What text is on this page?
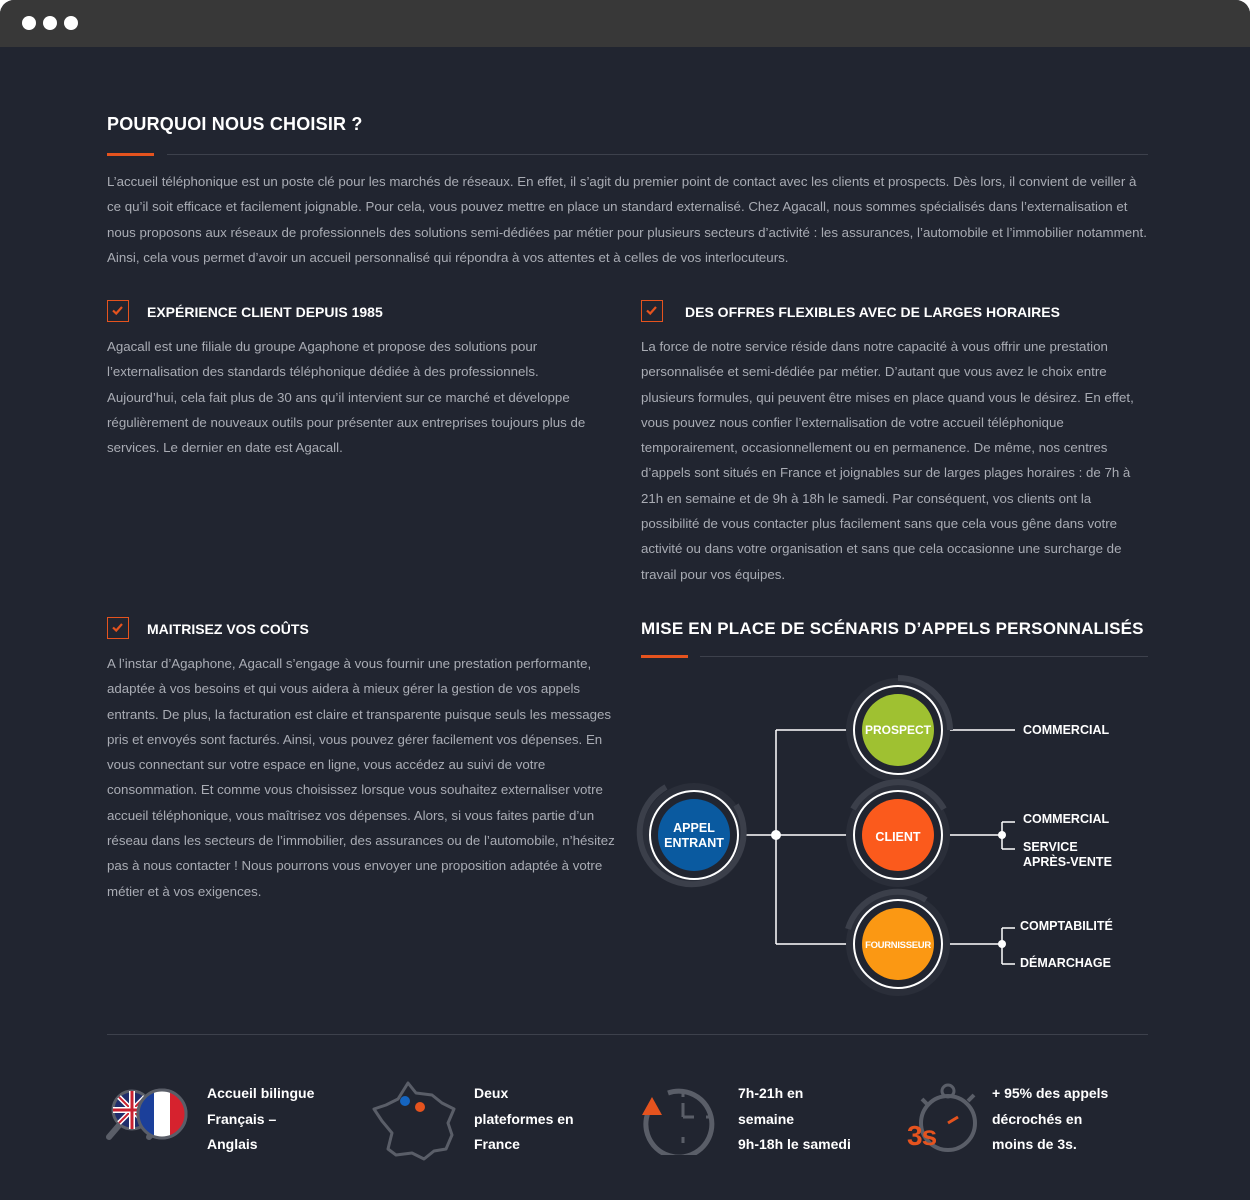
POURQUOI NOUS CHOISIR ?
L’accueil téléphonique est un poste clé pour les marchés de réseaux. En effet, il s’agit du premier point de contact avec les clients et prospects. Dès lors, il convient de veiller à ce qu’il soit efficace et facilement joignable. Pour cela, vous pouvez mettre en place un standard externalisé. Chez Agacall, nous sommes spécialisés dans l’externalisation et nous proposons aux réseaux de professionnels des solutions semi-dédiées par métier pour plusieurs secteurs d’activité : les assurances, l’automobile et l’immobilier notamment. Ainsi, cela vous permet d’avoir un accueil personnalisé qui répondra à vos attentes et à celles de vos interlocuteurs.
EXPÉRIENCE CLIENT DEPUIS 1985
Agacall est une filiale du groupe Agaphone et propose des solutions pour l’externalisation des standards téléphonique dédiée à des professionnels. Aujourd’hui, cela fait plus de 30 ans qu’il intervient sur ce marché et développe régulièrement de nouveaux outils pour présenter aux entreprises toujours plus de services. Le dernier en date est Agacall.
DES OFFRES FLEXIBLES AVEC DE LARGES HORAIRES
La force de notre service réside dans notre capacité à vous offrir une prestation personnalisée et semi-dédiée par métier. D’autant que vous avez le choix entre plusieurs formules, qui peuvent être mises en place quand vous le désirez. En effet, vous pouvez nous confier l’externalisation de votre accueil téléphonique temporairement, occasionnellement ou en permanence. De même, nos centres d’appels sont situés en France et joignables sur de larges plages horaires : de 7h à 21h en semaine et de 9h à 18h le samedi. Par conséquent, vos clients ont la possibilité de vous contacter plus facilement sans que cela vous gêne dans votre activité ou dans votre organisation et sans que cela occasionne une surcharge de travail pour vos équipes.
MAITRISEZ VOS COÛTS
A l’instar d’Agaphone, Agacall s’engage à vous fournir une prestation performante, adaptée à vos besoins et qui vous aidera à mieux gérer la gestion de vos appels entrants. De plus, la facturation est claire et transparente puisque seuls les messages pris et envoyés sont facturés. Ainsi, vous pouvez gérer facilement vos dépenses. En vous connectant sur votre espace en ligne, vous accédez au suivi de votre consommation. Et comme vous choisissez lorsque vous souhaitez externaliser votre accueil téléphonique, vous maîtrisez vos dépenses. Alors, si vous faites partie d’un réseau dans les secteurs de l’immobilier, des assurances ou de l’automobile, n’hésitez pas à nous contacter ! Nous pourrons vous envoyer une proposition adaptée à votre métier et à vos exigences.
MISE EN PLACE DE SCÉNARIS D’APPELS PERSONNALISÉS
APPEL
ENTRANT
PROSPECT
CLIENT
FOURNISSEUR
COMMERCIAL
COMMERCIAL
SERVICE
APRÈS-VENTE
COMPTABILITÉ
DÉMARCHAGE
Accueil bilingue
Français –
Anglais
Deux
plateformes en
France
7h-21h en
semaine
9h-18h le samedi 3s
+ 95% des appels
décrochés en
moins de 3s.
